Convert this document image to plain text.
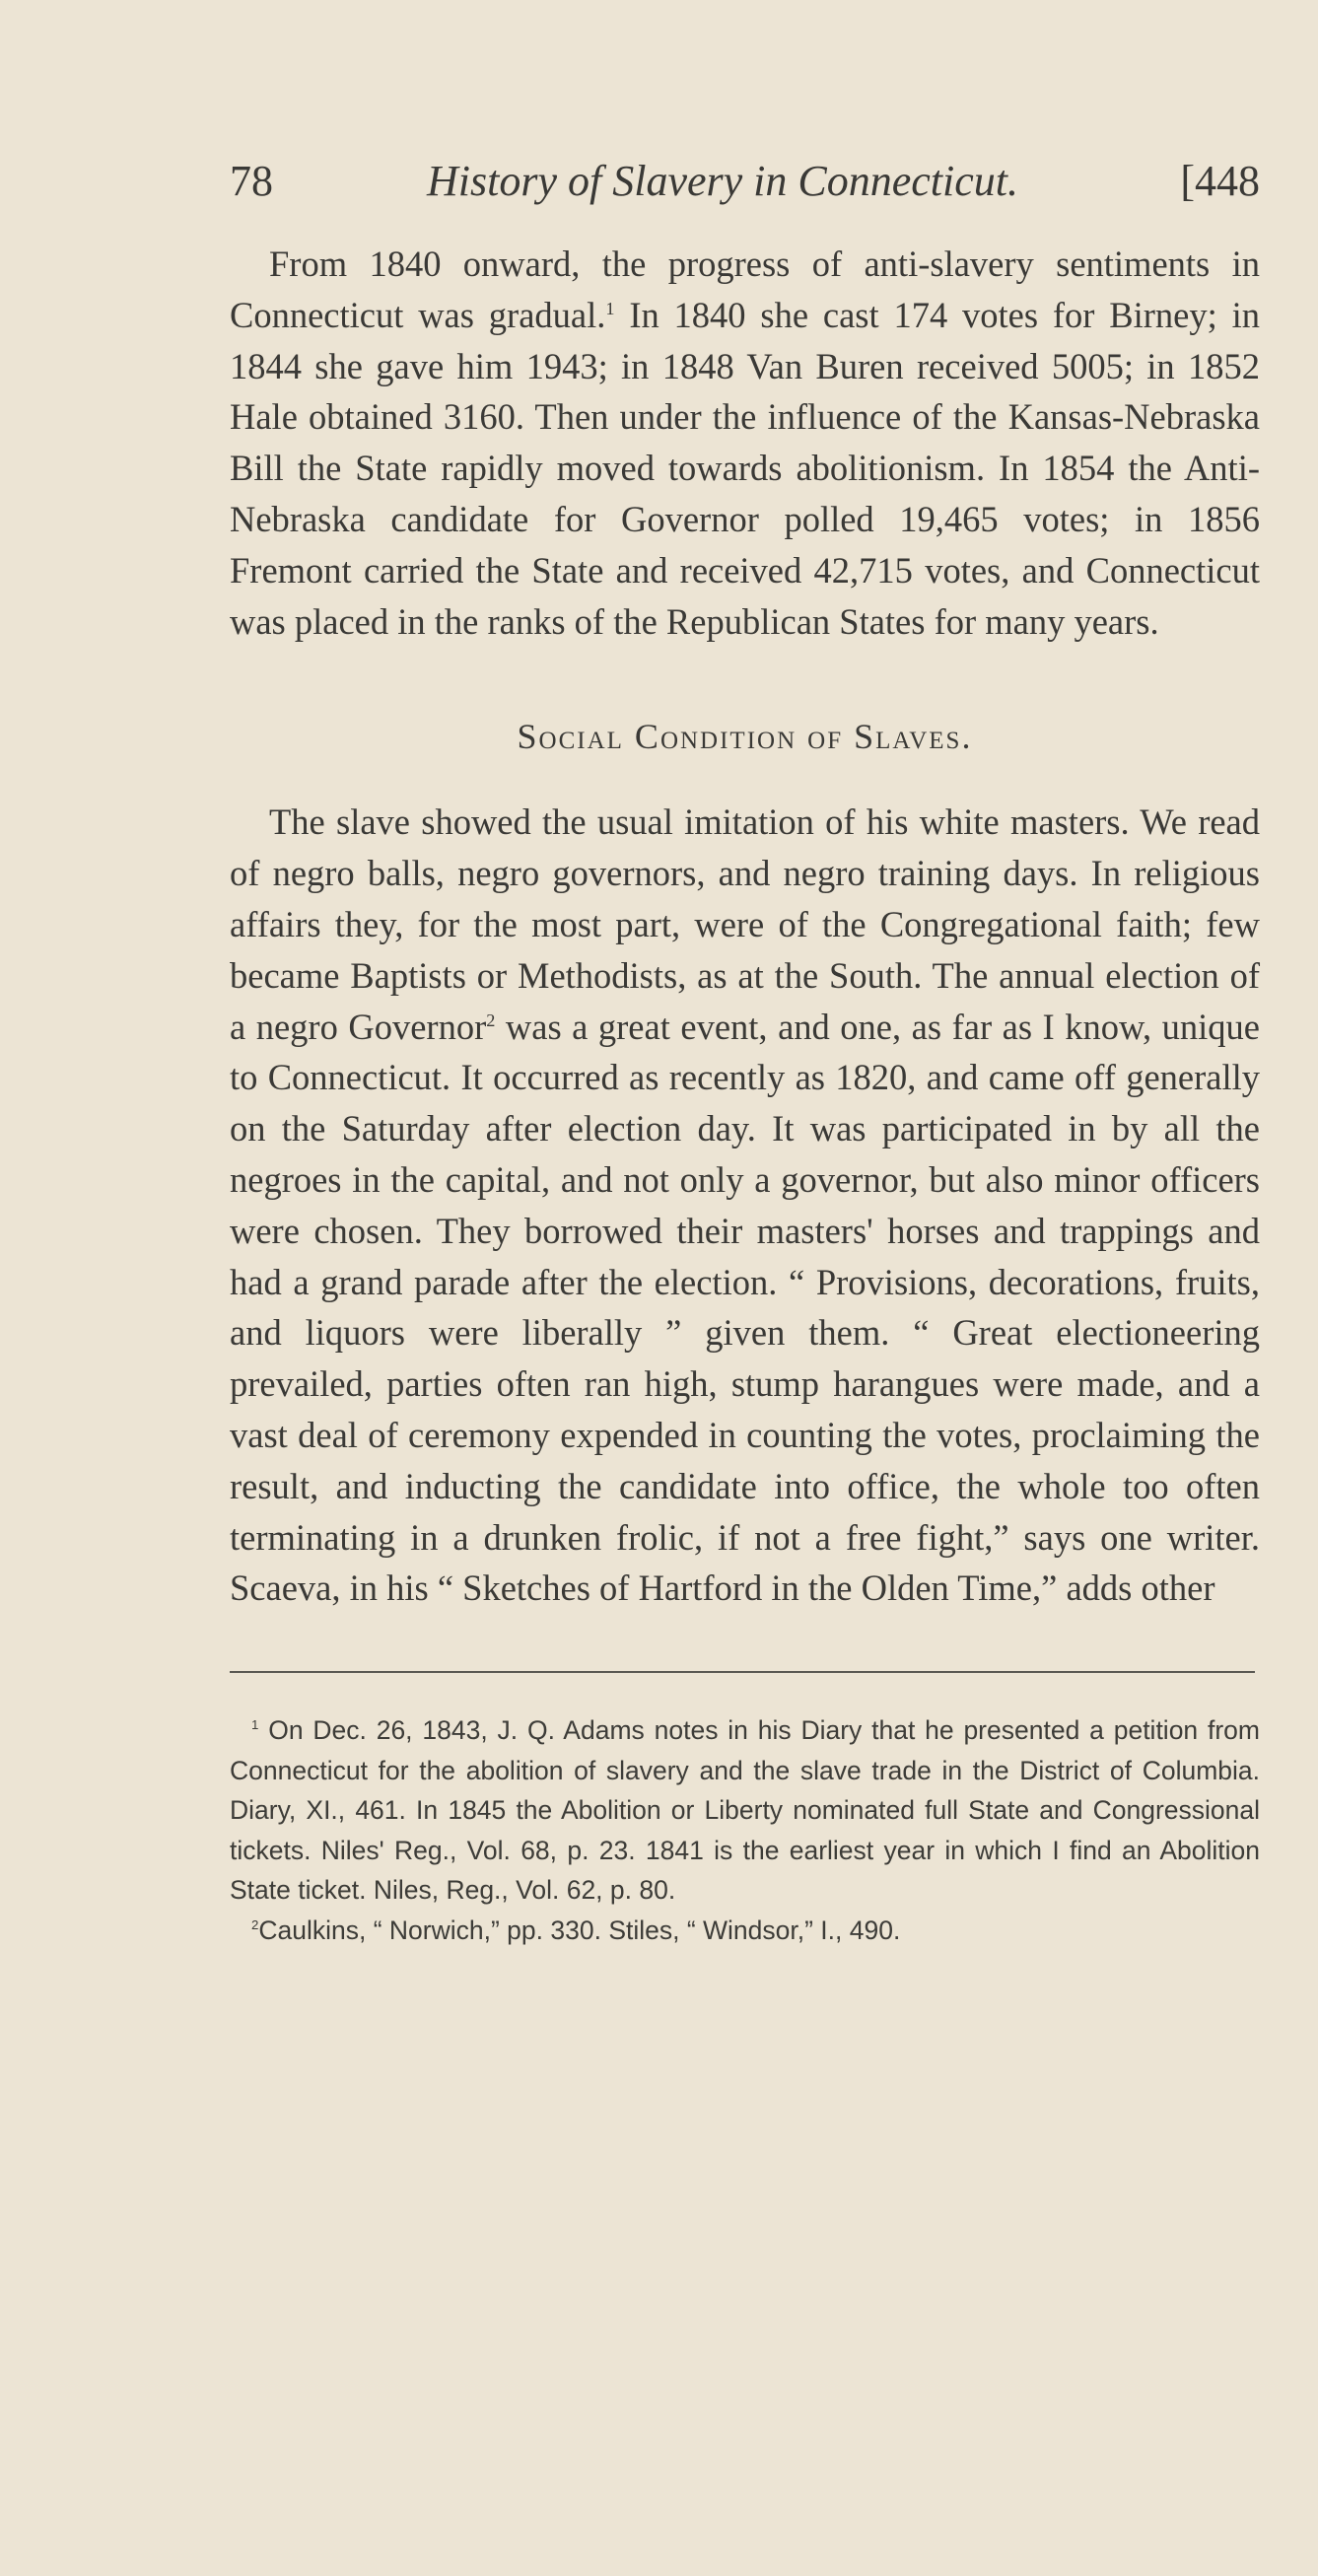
78	History of Slavery in Connecticut.	[448

From 1840 onward, the progress of anti-slavery sentiments in Connecticut was gradual.$^1$ In 1840 she cast 174 votes for Birney; in 1844 she gave him 1943; in 1848 Van Buren received 5005; in 1852 Hale obtained 3160. Then under the influence of the Kansas-Nebraska Bill the State rapidly moved towards abolitionism. In 1854 the Anti-Nebraska candidate for Governor polled 19,465 votes; in 1856 Fremont carried the State and received 42,715 votes, and Connecticut was placed in the ranks of the Republican States for many years.

Social Condition of Slaves.

The slave showed the usual imitation of his white masters. We read of negro balls, negro governors, and negro training days. In religious affairs they, for the most part, were of the Congregational faith; few became Baptists or Methodists, as at the South. The annual election of a negro Governor$^2$ was a great event, and one, as far as I know, unique to Connecticut. It occurred as recently as 1820, and came off generally on the Saturday after election day. It was participated in by all the negroes in the capital, and not only a governor, but also minor officers were chosen. They borrowed their masters' horses and trappings and had a grand parade after the election. “ Provisions, decorations, fruits, and liquors were liberally ” given them. “ Great electioneering prevailed, parties often ran high, stump harangues were made, and a vast deal of ceremony expended in counting the votes, proclaiming the result, and inducting the candidate into office, the whole too often terminating in a drunken frolic, if not a free fight,” says one writer. Scaeva, in his “ Sketches of Hartford in the Olden Time,” adds other

$^1$ On Dec. 26, 1843, J. Q. Adams notes in his Diary that he presented a petition from Connecticut for the abolition of slavery and the slave trade in the District of Columbia. Diary, XI., 461. In 1845 the Abolition or Liberty nominated full State and Congressional tickets. Niles' Reg., Vol. 68, p. 23. 1841 is the earliest year in which I find an Abolition State ticket. Niles, Reg., Vol. 62, p. 80.

$^2$Caulkins, “ Norwich,” pp. 330. Stiles, “ Windsor,” I., 490.
